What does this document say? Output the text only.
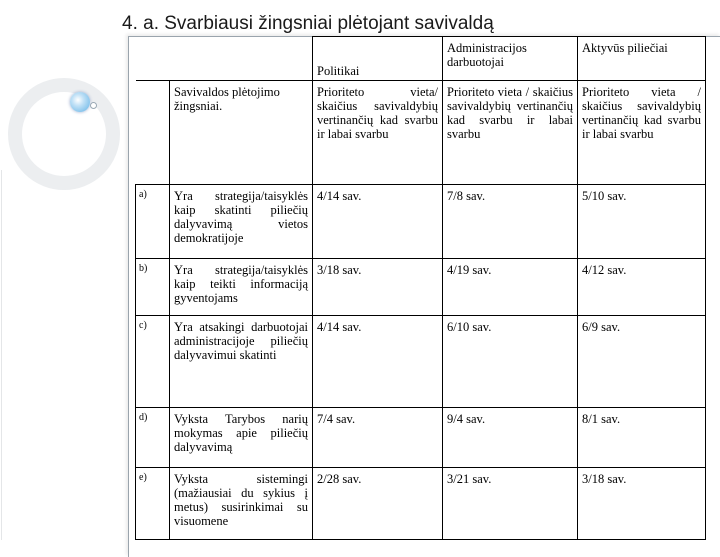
4. a. Svarbiausi žingsniai plėtojant savivaldą
		Politikai	Administracijos darbuotojai	Aktyvūs piliečiai
	Savivaldos plėtojimo žingsniai.	Prioriteto vieta/ skaičius savivaldybių vertinančių kad svarbu ir labai svarbu	Prioriteto vieta / skaičius savivaldybių vertinančių kad svarbu ir labai svarbu	Prioriteto vieta / skaičius savivaldybių vertinančių kad svarbu ir labai svarbu
a)	Yra strategija/taisyklės kaip skatinti piliečių dalyvavimą vietos demokratijoje	4/14 sav.	7/8 sav.	5/10 sav.
b)	Yra strategija/taisyklės kaip teikti informaciją gyventojams	3/18 sav.	4/19 sav.	4/12 sav.
c)	Yra atsakingi darbuotojai administracijoje piliečių dalyvavimui skatinti	4/14 sav.	6/10 sav.	6/9 sav.
d)	Vyksta Tarybos narių mokymas apie piliečių dalyvavimą	7/4 sav.	9/4 sav.	8/1 sav.
e)	Vyksta sistemingi (mažiausiai du sykius į metus) susirinkimai su visuomene	2/28 sav.	3/21 sav.	3/18 sav.
